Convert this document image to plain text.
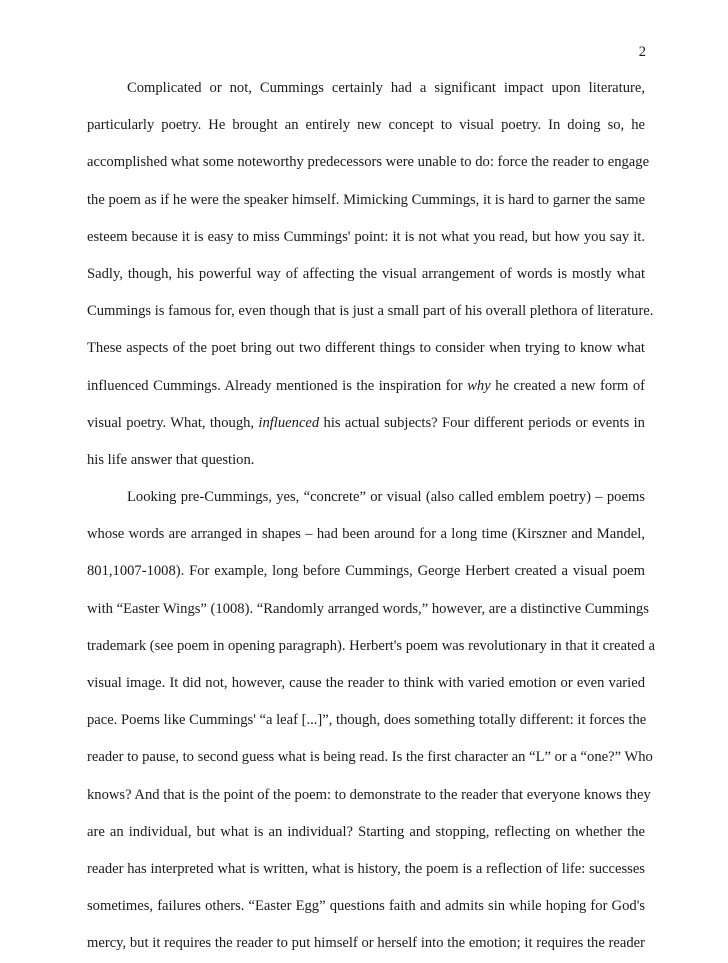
2
Complicated or not, Cummings certainly had a significant impact upon literature,
particularly poetry. He brought an entirely new concept to visual poetry. In doing so, he
accomplished what some noteworthy predecessors were unable to do: force the reader to engage
the poem as if he were the speaker himself. Mimicking Cummings, it is hard to garner the same
esteem because it is easy to miss Cummings' point: it is not what you read, but how you say it.
Sadly, though, his powerful way of affecting the visual arrangement of words is mostly what
Cummings is famous for, even though that is just a small part of his overall plethora of literature.
These aspects of the poet bring out two different things to consider when trying to know what
influenced Cummings. Already mentioned is the inspiration for why he created a new form of
visual poetry. What, though, influenced his actual subjects? Four different periods or events in
his life answer that question.
Looking pre-Cummings, yes, “concrete” or visual (also called emblem poetry) – poems
whose words are arranged in shapes – had been around for a long time (Kirszner and Mandel,
801,1007-1008). For example, long before Cummings, George Herbert created a visual poem
with “Easter Wings” (1008). “Randomly arranged words,” however, are a distinctive Cummings
trademark (see poem in opening paragraph). Herbert's poem was revolutionary in that it created a
visual image. It did not, however, cause the reader to think with varied emotion or even varied
pace. Poems like Cummings' “a leaf [...]”, though, does something totally different: it forces the
reader to pause, to second guess what is being read. Is the first character an “L” or a “one?” Who
knows? And that is the point of the poem: to demonstrate to the reader that everyone knows they
are an individual, but what is an individual? Starting and stopping, reflecting on whether the
reader has interpreted what is written, what is history, the poem is a reflection of life: successes
sometimes, failures others. “Easter Egg” questions faith and admits sin while hoping for God's
mercy, but it requires the reader to put himself or herself into the emotion; it requires the reader
